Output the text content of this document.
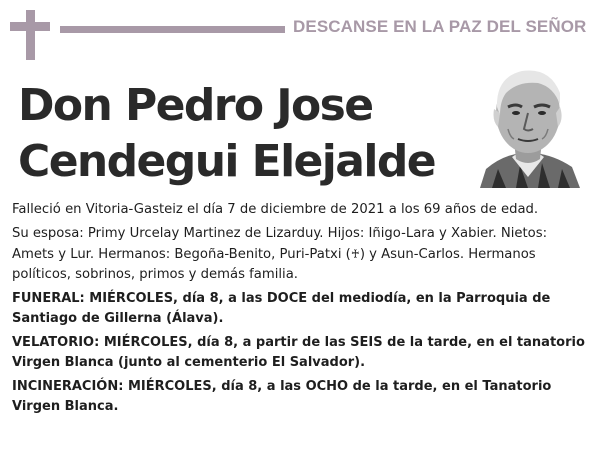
DESCANSE EN LA PAZ DEL SEÑOR
Don Pedro Jose
Cendegui Elejalde

Falleció en Vitoria-Gasteiz el día 7 de diciembre de 2021 a los 69 años de edad.

Su esposa: Primy Urcelay Martinez de Lizarduy. Hijos: Iñigo-Lara y Xabier. Nietos: Amets y Lur. Hermanos: Begoña-Benito, Puri-Patxi (♰) y Asun-Carlos. Hermanos políticos, sobrinos, primos y demás familia.

FUNERAL: MIÉRCOLES, día 8, a las DOCE del mediodía, en la Parroquia de Santiago de Gillerna (Álava).

VELATORIO: MIÉRCOLES, día 8, a partir de las SEIS de la tarde, en el tanatorio Virgen Blanca (junto al cementerio El Salvador).

INCINERACIÓN: MIÉRCOLES, día 8, a las OCHO de la tarde, en el Tanatorio Virgen Blanca.
